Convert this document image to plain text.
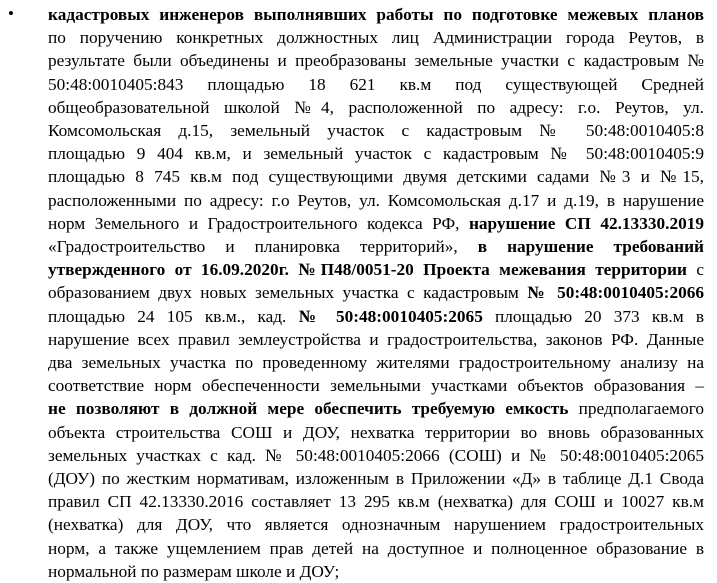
• кадастровых инженеров выполнявших работы по подготовке межевых планов
по поручению конкретных должностных лиц Администрации города Реутов, в
результате были объединены и преобразованы земельные участки с кадастровым №
50:48:0010405:843 площадью 18 621 кв.м под существующей Средней
общеобразовательной школой №4, расположенной по адресу: г.о. Реутов, ул.
Комсомольская д.15, земельный участок с кадастровым № 50:48:0010405:8
площадью 9 404 кв.м, и земельный участок с кадастровым № 50:48:0010405:9
площадью 8 745 кв.м под существующими двумя детскими садами №3 и №15,
расположенными по адресу: г.о Реутов, ул. Комсомольская д.17 и д.19, в нарушение
норм Земельного и Градостроительного кодекса РФ, нарушение СП 42.13330.2019
«Градостроительство и планировка территорий», в нарушение требований
утвержденного от 16.09.2020г. №П48/0051-20 Проекта межевания территории с
образованием двух новых земельных участка с кадастровым № 50:48:0010405:2066
площадью 24 105 кв.м., кад. № 50:48:0010405:2065 площадью 20 373 кв.м в
нарушение всех правил землеустройства и градостроительства, законов РФ. Данные
два земельных участка по проведенному жителями градостроительному анализу на
соответствие норм обеспеченности земельными участками объектов образования –
не позволяют в должной мере обеспечить требуемую емкость предполагаемого
объекта строительства СОШ и ДОУ, нехватка территории во вновь образованных
земельных участках с кад. № 50:48:0010405:2066 (СОШ) и № 50:48:0010405:2065
(ДОУ) по жестким нормативам, изложенным в Приложении «Д» в таблице Д.1 Свода
правил СП 42.13330.2016 составляет 13 295 кв.м (нехватка) для СОШ и 10027 кв.м
(нехватка) для ДОУ, что является однозначным нарушением градостроительных
норм, а также ущемлением прав детей на доступное и полноценное образование в
нормальной по размерам школе и ДОУ;
